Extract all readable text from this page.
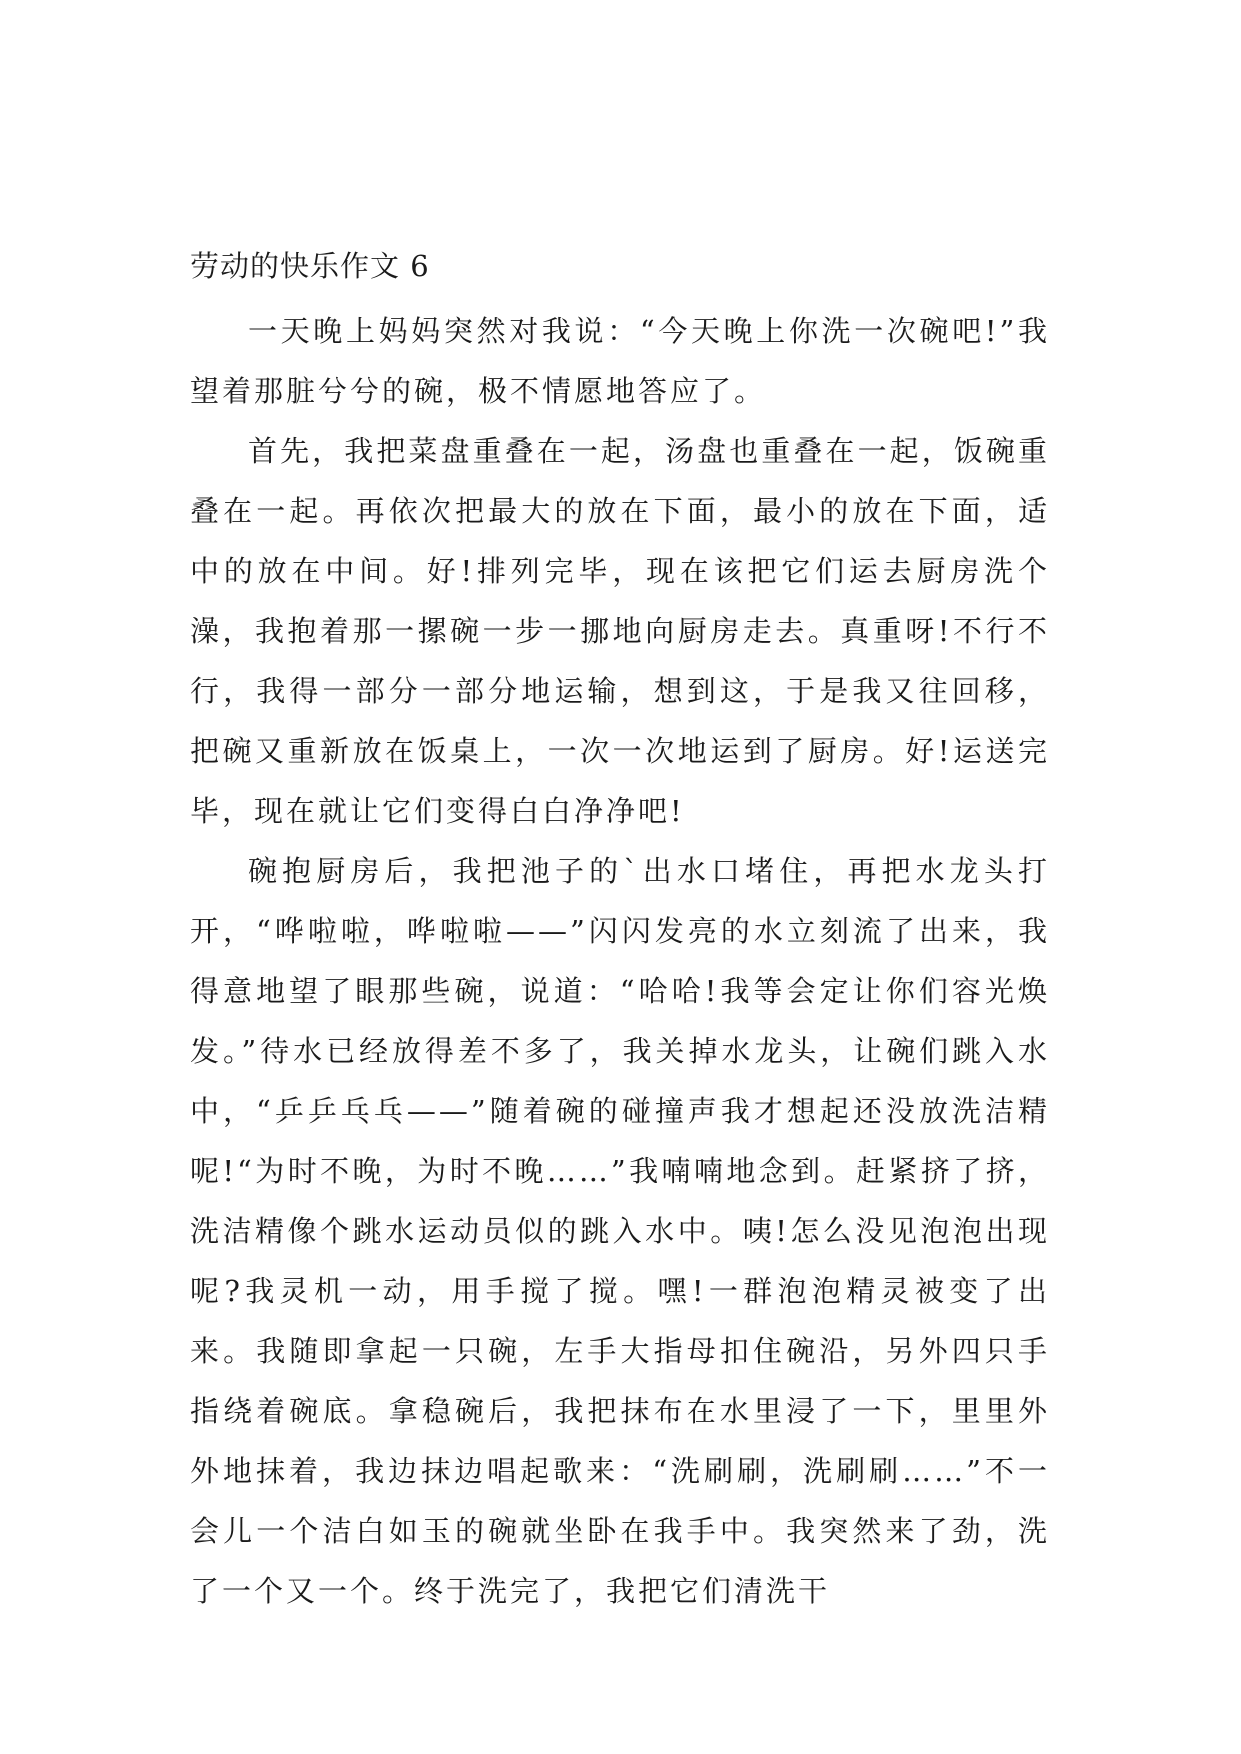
劳动的快乐作文 6

一天晚上妈妈突然对我说：“今天晚上你洗一次碗吧!”我望着那脏兮兮的碗，极不情愿地答应了。

首先，我把菜盘重叠在一起，汤盘也重叠在一起，饭碗重叠在一起。再依次把最大的放在下面，最小的放在下面，适中的放在中间。好!排列完毕，现在该把它们运去厨房洗个澡，我抱着那一摞碗一步一挪地向厨房走去。真重呀!不行不行，我得一部分一部分地运输，想到这，于是我又往回移，把碗又重新放在饭桌上，一次一次地运到了厨房。好!运送完毕，现在就让它们变得白白净净吧!

碗抱厨房后，我把池子的`出水口堵住，再把水龙头打开，“哗啦啦，哗啦啦——”闪闪发亮的水立刻流了出来，我得意地望了眼那些碗，说道：“哈哈!我等会定让你们容光焕发。”待水已经放得差不多了，我关掉水龙头，让碗们跳入水中，“乒乒乓乓——”随着碗的碰撞声我才想起还没放洗洁精呢!“为时不晚，为时不晚……”我喃喃地念到。赶紧挤了挤，洗洁精像个跳水运动员似的跳入水中。咦!怎么没见泡泡出现呢?我灵机一动，用手搅了搅。嘿!一群泡泡精灵被变了出来。我随即拿起一只碗，左手大指母扣住碗沿，另外四只手指绕着碗底。拿稳碗后，我把抹布在水里浸了一下，里里外外地抹着，我边抹边唱起歌来：“洗刷刷，洗刷刷……”不一会儿一个洁白如玉的碗就坐卧在我手中。我突然来了劲，洗了一个又一个。终于洗完了，我把它们清洗干
